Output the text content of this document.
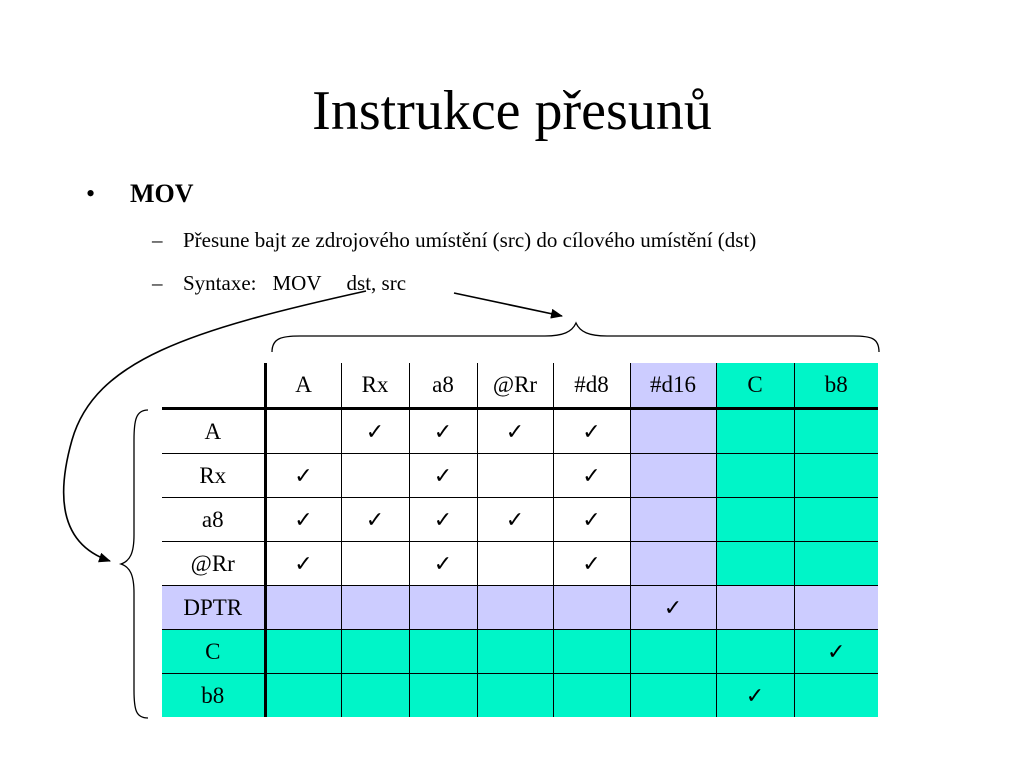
Instrukce přesunů
•	MOV
– Přesune bajt ze zdrojového umístění (src) do cílového umístění (dst)
– Syntaxe: MOV dst, src
	A	Rx	a8	@Rr	#d8	#d16	C	b8
A		✓	✓	✓	✓			
Rx	✓		✓		✓			
a8	✓	✓	✓	✓	✓			
@Rr	✓		✓		✓			
DPTR						✓		
C								✓
b8							✓	
